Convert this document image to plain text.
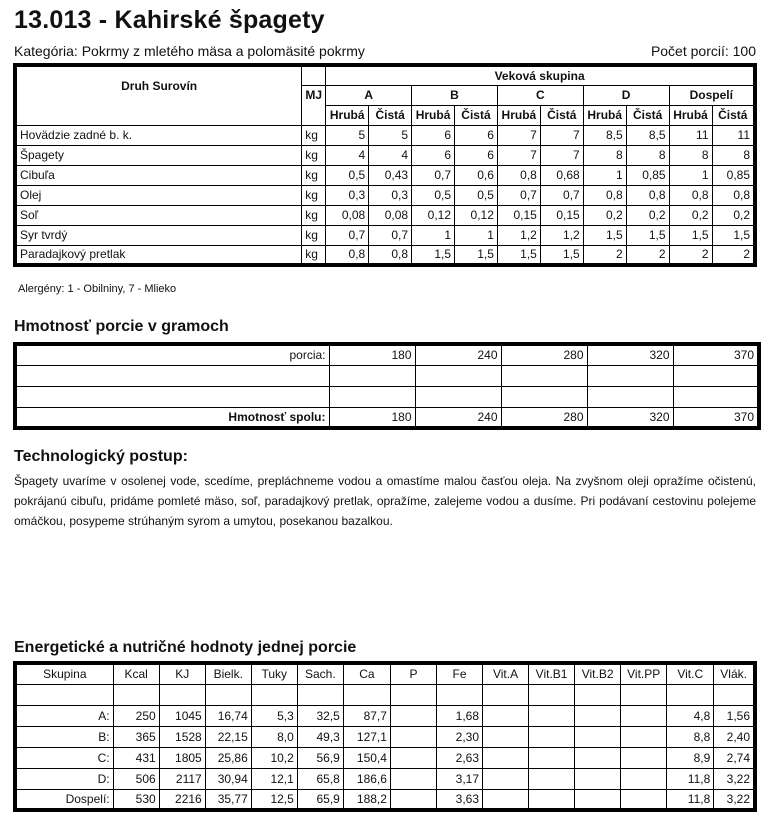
13.013 - Kahirské špagety
Kategória: Pokrmy z mletého mäsa a polomäsité pokrmy	Počet porcií: 100
Druh Surovín		Veková skupina									
	MJ	A		B		C		D		Dospelí	
		Hrubá	Čistá	Hrubá	Čistá	Hrubá	Čistá	Hrubá	Čistá	Hrubá	Čistá
Hovädzie zadné b. k.	kg	5	5	6	6	7	7	8,5	8,5	11	11
Špagety	kg	4	4	6	6	7	7	8	8	8	8
Cibuľa	kg	0,5	0,43	0,7	0,6	0,8	0,68	1	0,85	1	0,85
Olej	kg	0,3	0,3	0,5	0,5	0,7	0,7	0,8	0,8	0,8	0,8
Soľ	kg	0,08	0,08	0,12	0,12	0,15	0,15	0,2	0,2	0,2	0,2
Syr tvrdý	kg	0,7	0,7	1	1	1,2	1,2	1,5	1,5	1,5	1,5
Paradajkový pretlak	kg	0,8	0,8	1,5	1,5	1,5	1,5	2	2	2	2
Alergény: 1 - Obilniny, 7 - Mlieko
Hmotnosť porcie v gramoch
porcia:	180	240	280	320	370

Hmotnosť spolu:	180	240	280	320	370
Technologický postup:
Špagety uvaríme v osolenej vode, scedíme, prepláchneme vodou a omastíme malou časťou oleja. Na zvyšnom oleji opražíme očistenú, pokrájanú cibuľu, pridáme pomleté mäso, soľ, paradajkový pretlak, opražíme, zalejeme vodou a dusíme. Pri podávaní cestovinu polejeme omáčkou, posypeme strúhaným syrom a umytou, posekanou bazalkou.
Energetické a nutričné hodnoty jednej porcie
Skupina	Kcal	KJ	Bielk.	Tuky	Sach.	Ca	P	Fe	Vit.A	Vit.B1	Vit.B2	Vit.PP	Vit.C	Vlák.

A:	250	1045	16,74	5,3	32,5	87,7		1,68					4,8	1,56
B:	365	1528	22,15	8,0	49,3	127,1		2,30					8,8	2,40
C:	431	1805	25,86	10,2	56,9	150,4		2,63					8,9	2,74
D:	506	2117	30,94	12,1	65,8	186,6		3,17					11,8	3,22
Dospelí:	530	2216	35,77	12,5	65,9	188,2		3,63					11,8	3,22
